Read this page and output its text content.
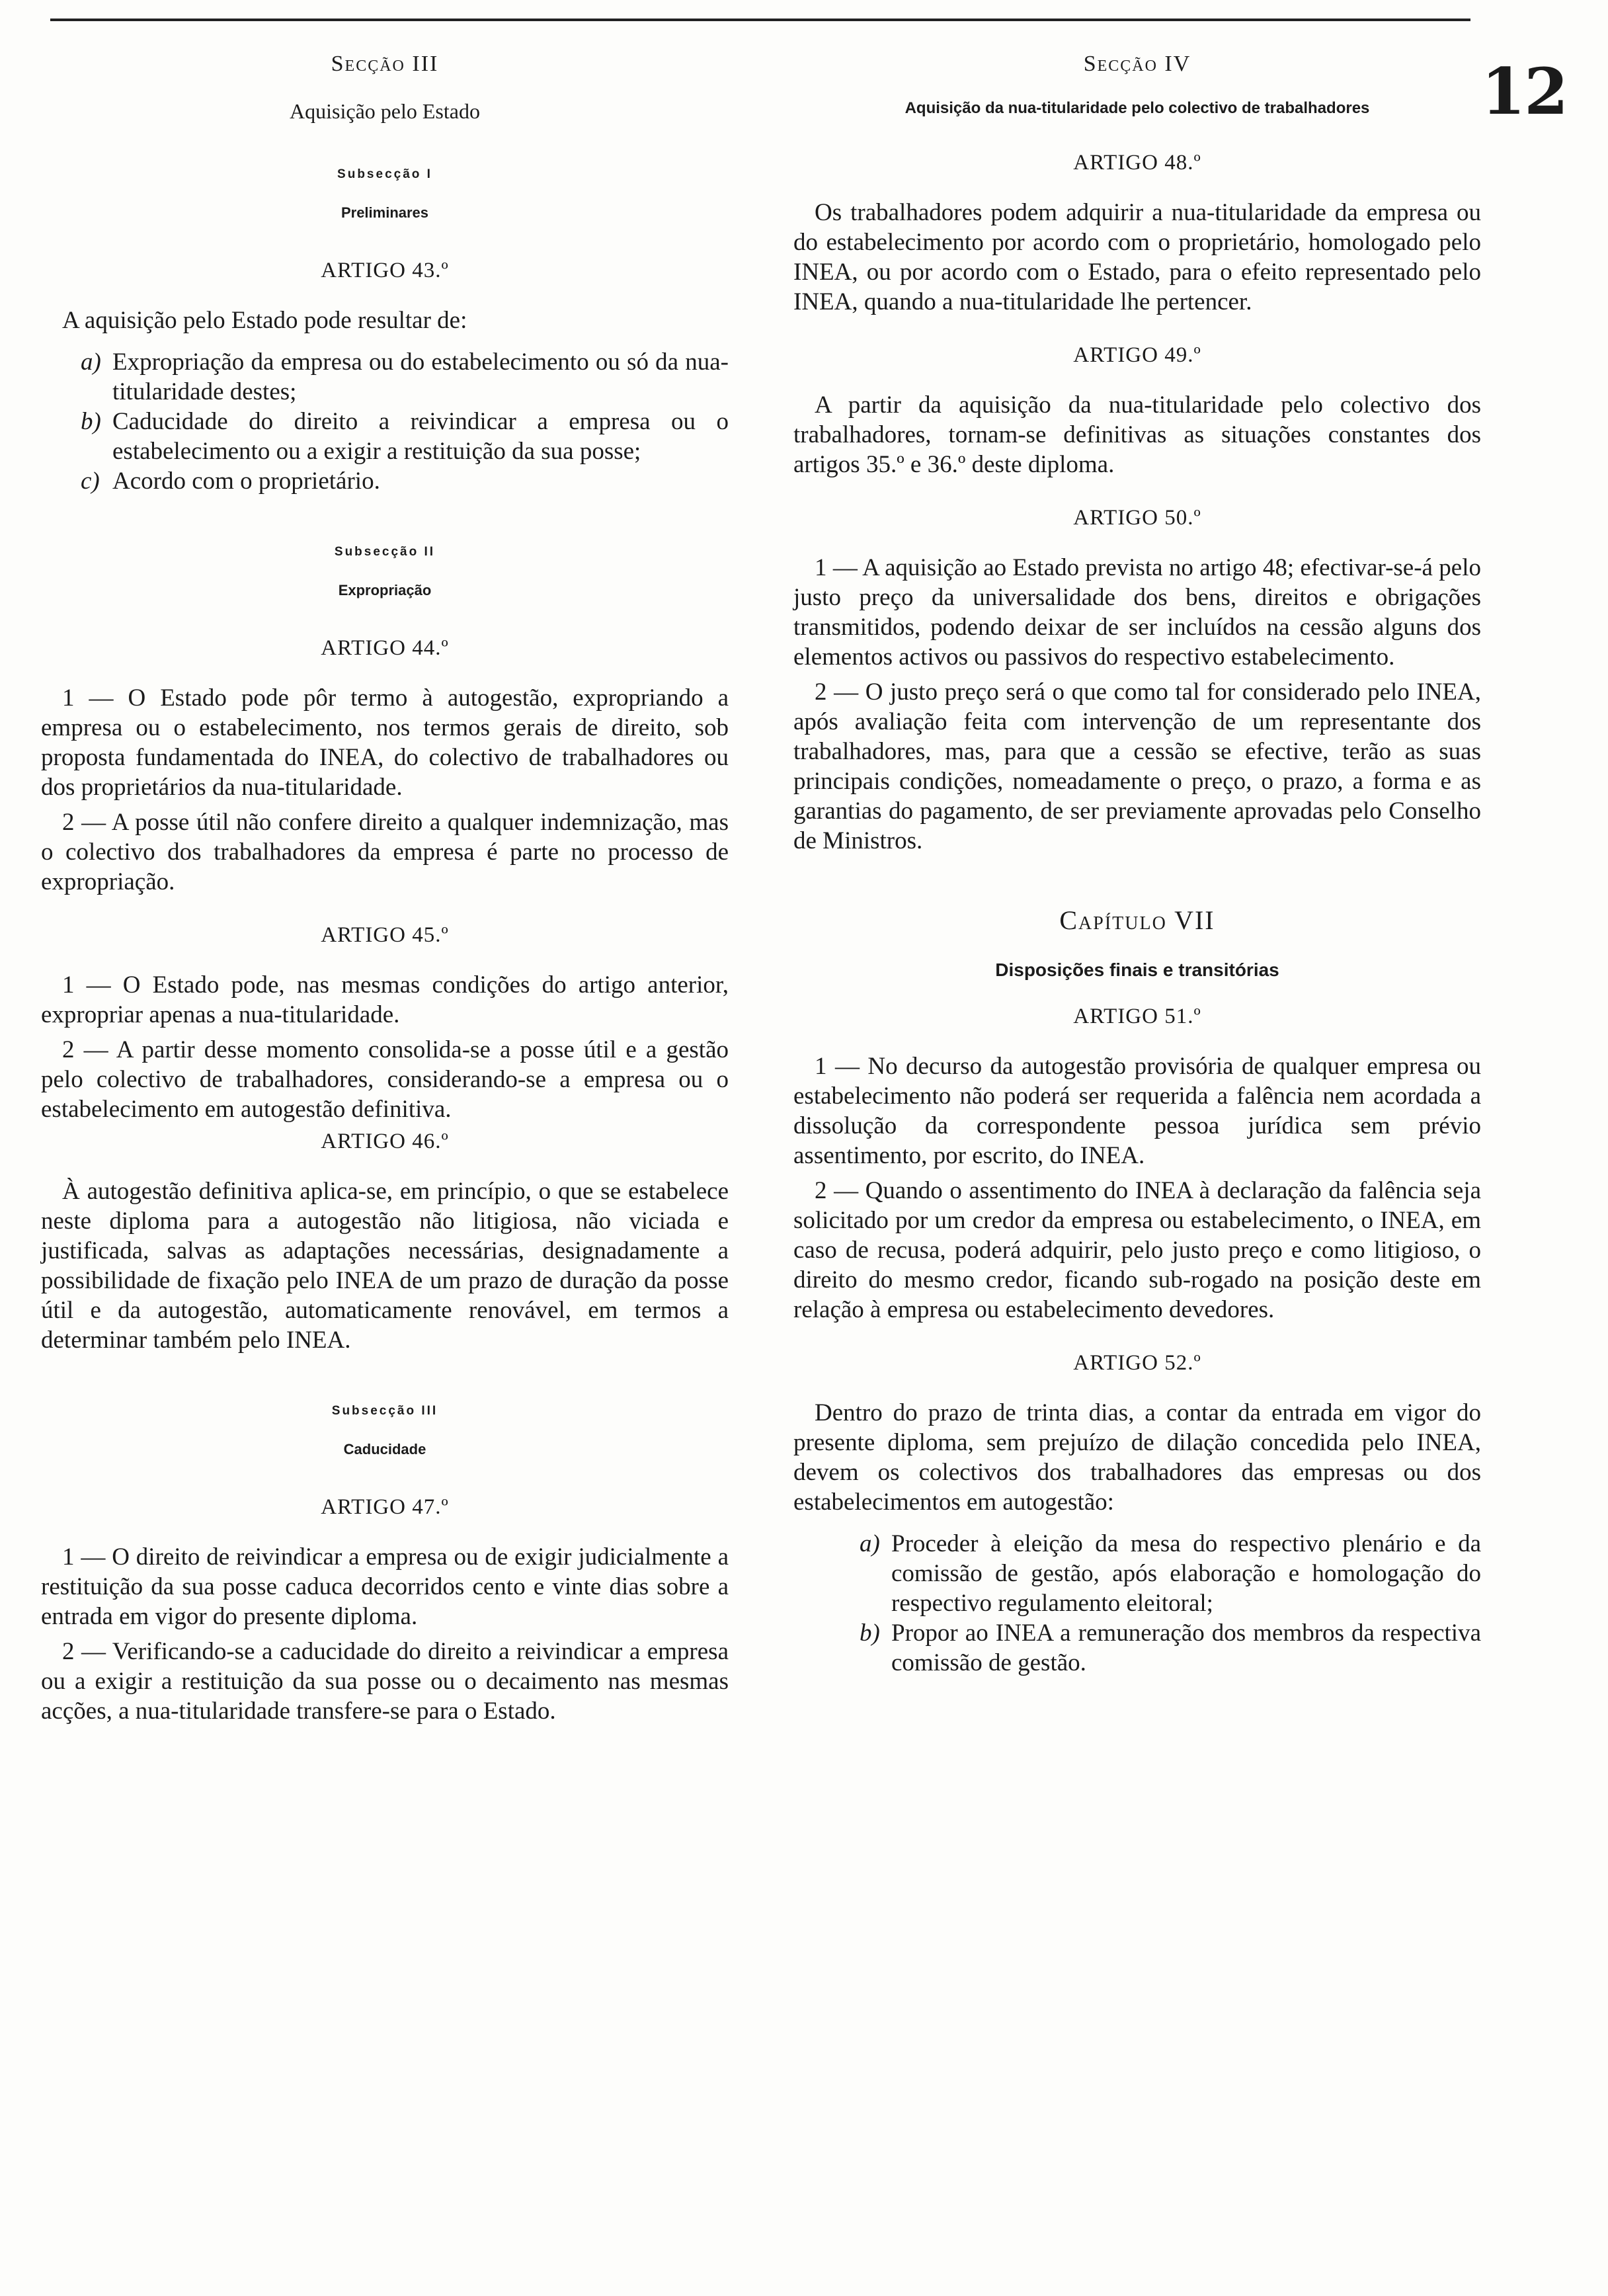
12
Secção III
Aquisição pelo Estado
Subsecção I
Preliminares
ARTIGO 43.º

A aquisição pelo Estado pode resultar de:

a) Expropriação da empresa ou do estabelecimento ou só da nua-titularidade destes;
b) Caducidade do direito a reivindicar a empresa ou o estabelecimento ou a exigir a restituição da sua posse;
c) Acordo com o proprietário.
Subsecção II
Expropriação
ARTIGO 44.º

1 — O Estado pode pôr termo à autogestão, expropriando a empresa ou o estabelecimento, nos termos gerais de direito, sob proposta fundamentada do INEA, do colectivo de trabalhadores ou dos proprietários da nua-titularidade.

2 — A posse útil não confere direito a qualquer indemnização, mas o colectivo dos trabalhadores da empresa é parte no processo de expropriação.

ARTIGO 45.º

1 — O Estado pode, nas mesmas condições do artigo anterior, expropriar apenas a nua-titularidade.

2 — A partir desse momento consolida-se a posse útil e a gestão pelo colectivo de trabalhadores, considerando-se a empresa ou o estabelecimento em autogestão definitiva.

ARTIGO 46.º

À autogestão definitiva aplica-se, em princípio, o que se estabelece neste diploma para a autogestão não litigiosa, não viciada e justificada, salvas as adaptações necessárias, designadamente a possibilidade de fixação pelo INEA de um prazo de duração da posse útil e da autogestão, automaticamente renovável, em termos a determinar também pelo INEA.

Subsecção III
Caducidade
ARTIGO 47.º

1 — O direito de reivindicar a empresa ou de exigir judicialmente a restituição da sua posse caduca decorridos cento e vinte dias sobre a entrada em vigor do presente diploma.

2 — Verificando-se a caducidade do direito a reivindicar a empresa ou a exigir a restituição da sua posse ou o decaimento nas mesmas acções, a nua-titularidade transfere-se para o Estado.

Secção IV
Aquisição da nua-titularidade pelo colectivo de trabalhadores
ARTIGO 48.º

Os trabalhadores podem adquirir a nua-titularidade da empresa ou do estabelecimento por acordo com o proprietário, homologado pelo INEA, ou por acordo com o Estado, para o efeito representado pelo INEA, quando a nua-titularidade lhe pertencer.

ARTIGO 49.º

A partir da aquisição da nua-titularidade pelo colectivo dos trabalhadores, tornam-se definitivas as situações constantes dos artigos 35.º e 36.º deste diploma.

ARTIGO 50.º

1 — A aquisição ao Estado prevista no artigo 48; efectivar-se-á pelo justo preço da universalidade dos bens, direitos e obrigações transmitidos, podendo deixar de ser incluídos na cessão alguns dos elementos activos ou passivos do respectivo estabelecimento.

2 — O justo preço será o que como tal for considerado pelo INEA, após avaliação feita com intervenção de um representante dos trabalhadores, mas, para que a cessão se efective, terão as suas principais condições, nomeadamente o preço, o prazo, a forma e as garantias do pagamento, de ser previamente aprovadas pelo Conselho de Ministros.

Capítulo VII
Disposições finais e transitórias
ARTIGO 51.º

1 — No decurso da autogestão provisória de qualquer empresa ou estabelecimento não poderá ser requerida a falência nem acordada a dissolução da correspondente pessoa jurídica sem prévio assentimento, por escrito, do INEA.

2 — Quando o assentimento do INEA à declaração da falência seja solicitado por um credor da empresa ou estabelecimento, o INEA, em caso de recusa, poderá adquirir, pelo justo preço e como litigioso, o direito do mesmo credor, ficando sub-rogado na posição deste em relação à empresa ou estabelecimento devedores.

ARTIGO 52.º

Dentro do prazo de trinta dias, a contar da entrada em vigor do presente diploma, sem prejuízo de dilação concedida pelo INEA, devem os colectivos dos trabalhadores das empresas ou dos estabelecimentos em autogestão:

a) Proceder à eleição da mesa do respectivo plenário e da comissão de gestão, após elaboração e homologação do respectivo regulamento eleitoral;
b) Propor ao INEA a remuneração dos membros da respectiva comissão de gestão.
